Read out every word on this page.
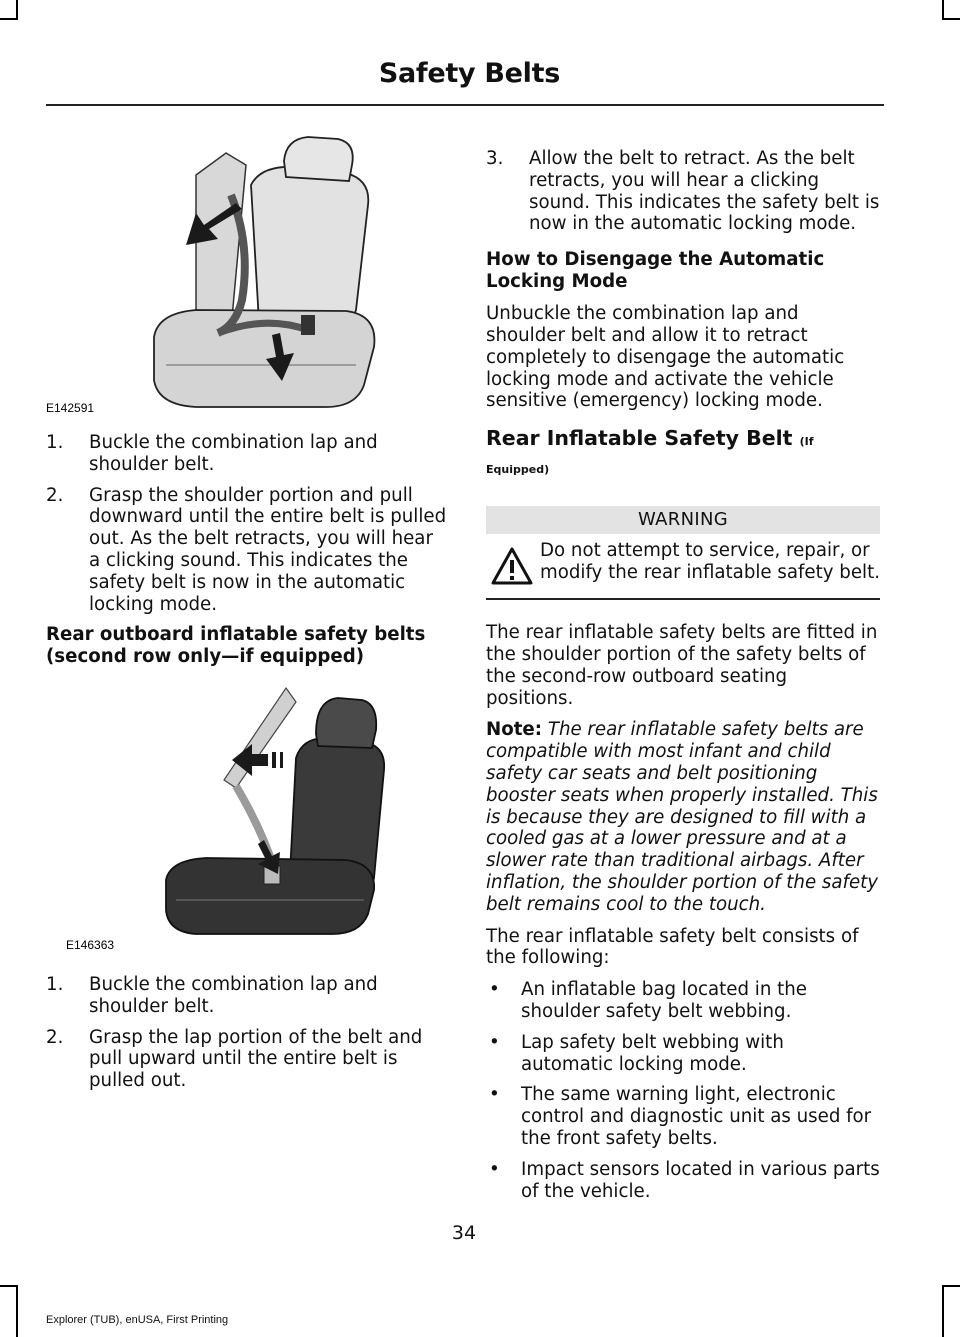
Safety Belts
E142591
1. Buckle the combination lap and shoulder belt.
2. Grasp the shoulder portion and pull downward until the entire belt is pulled out. As the belt retracts, you will hear a clicking sound. This indicates the safety belt is now in the automatic locking mode.
Rear outboard inflatable safety belts (second row only—if equipped)
E146363
1. Buckle the combination lap and shoulder belt.
2. Grasp the lap portion of the belt and pull upward until the entire belt is pulled out.
3. Allow the belt to retract. As the belt retracts, you will hear a clicking sound. This indicates the safety belt is now in the automatic locking mode.
How to Disengage the Automatic Locking Mode

Unbuckle the combination lap and shoulder belt and allow it to retract completely to disengage the automatic locking mode and activate the vehicle sensitive (emergency) locking mode.

Rear Inflatable Safety Belt (If Equipped)
WARNING
Do not attempt to service, repair, or modify the rear inflatable safety belt.

The rear inflatable safety belts are fitted in the shoulder portion of the safety belts of the second-row outboard seating positions.

Note: The rear inflatable safety belts are compatible with most infant and child safety car seats and belt positioning booster seats when properly installed. This is because they are designed to fill with a cooled gas at a lower pressure and at a slower rate than traditional airbags. After inflation, the shoulder portion of the safety belt remains cool to the touch.

The rear inflatable safety belt consists of the following:

• An inflatable bag located in the shoulder safety belt webbing.
• Lap safety belt webbing with automatic locking mode.
• The same warning light, electronic control and diagnostic unit as used for the front safety belts.
• Impact sensors located in various parts of the vehicle.
34
Explorer (TUB), enUSA, First Printing
